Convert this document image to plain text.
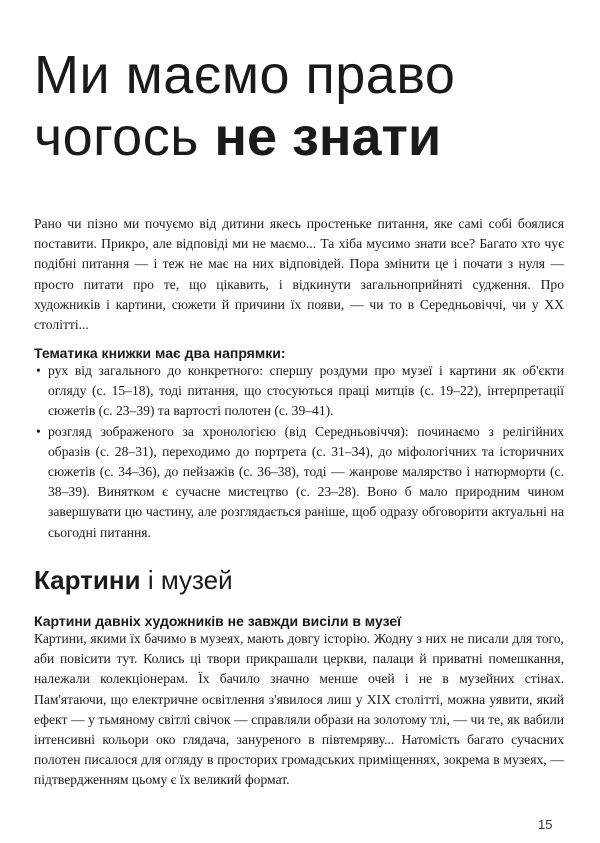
Ми маємо право
чогось не знати

Рано чи пізно ми почуємо від дитини якесь простеньке питання, яке самі собі боялися поставити. Прикро, але відповіді ми не маємо... Та хіба мусимо знати все? Багато хто чує подібні питання — і теж не має на них відповідей. Пора змінити це і почати з нуля — просто питати про те, що цікавить, і відкинути загальноприйняті судження. Про художників і картини, сюжети й причини їх появи, — чи то в Середньовіччі, чи у XX столітті...

Тематика книжки має два напрямки:
• рух від загального до конкретного: спершу роздуми про музеї і картини як об'єкти огляду (с. 15–18), тоді питання, що стосуються праці митців (с. 19–22), інтерпретації сюжетів (с. 23–39) та вартості полотен (с. 39–41).
• розгляд зображеного за хронологією (від Середньовіччя): починаємо з релігійних образів (с. 28–31), переходимо до портрета (с. 31–34), до міфологічних та історичних сюжетів (с. 34–36), до пейзажів (с. 36–38), тоді — жанрове малярство і натюрморти (с. 38–39). Винятком є сучасне мистецтво (с. 23–28). Воно б мало природним чином завершувати цю частину, але розглядається раніше, щоб одразу обговорити актуальні на сьогодні питання.
Картини і музей
Картини давніх художників не завжди висіли в музеї

Картини, якими їх бачимо в музеях, мають довгу історію. Жодну з них не писали для того, аби повісити тут. Колись ці твори прикрашали церкви, палаци й приватні помешкання, належали колекціонерам. Їх бачило значно менше очей і не в музейних стінах. Пам'ятаючи, що електричне освітлення з'явилося лиш у XIX столітті, можна уявити, який ефект — у тьмяному світлі свічок — справляли образи на золотому тлі, — чи те, як вабили інтенсивні кольори око глядача, зануреного в півтемряву... Натомість багато сучасних полотен писалося для огляду в просторих громадських приміщеннях, зокрема в музеях, — підтвердженням цьому є їх великий формат.

15
